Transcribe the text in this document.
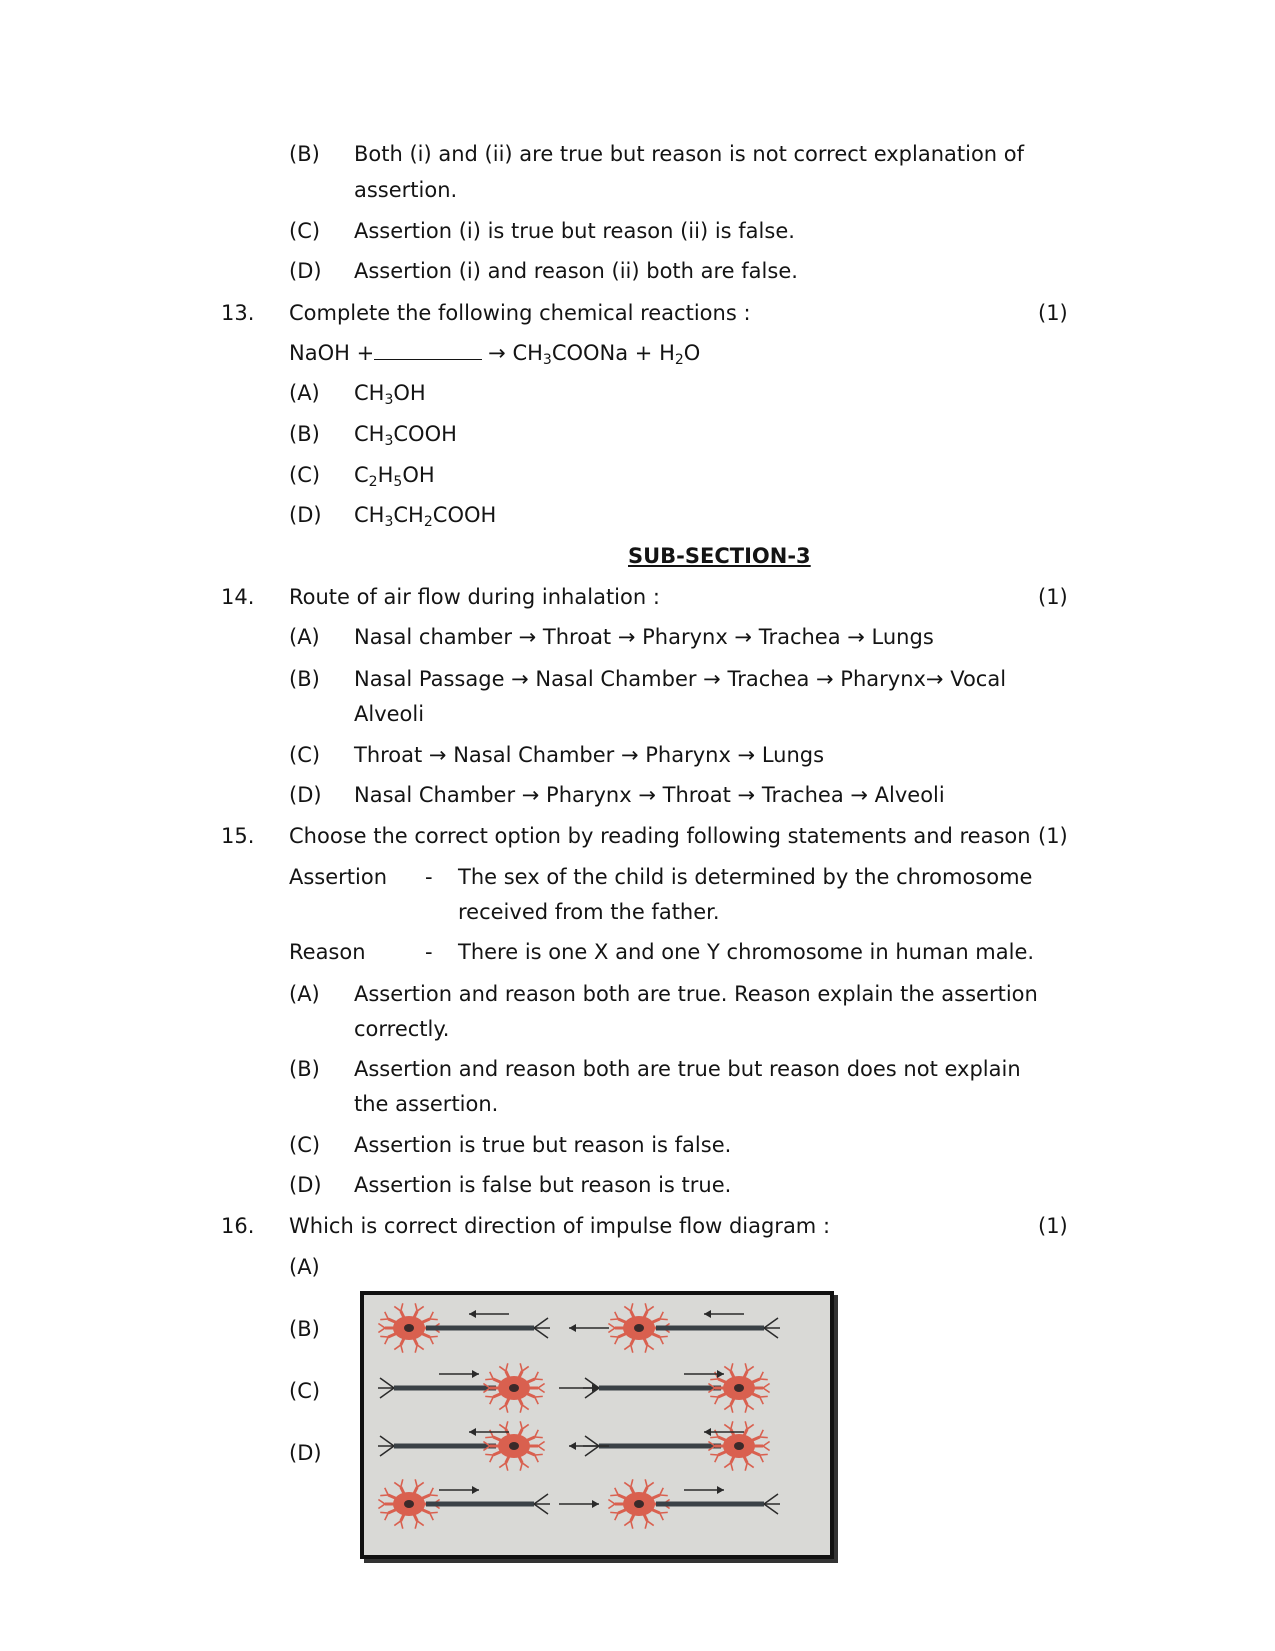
(B) Both (i) and (ii) are true but reason is not correct explanation of
assertion.
(C) Assertion (i) is true but reason (ii) is false.
(D) Assertion (i) and reason (ii) both are false.
13. Complete the following chemical reactions :	(1)
NaOH +	→ $CH_3COONa + H_2O$
(A) $CH_3OH$
(B) $CH_3COOH$
(C) $C_2H_5OH$
(D) $CH_3CH_2COOH$
SUB-SECTION-3
14. Route of air flow during inhalation :	(1)
(A) Nasal chamber → Throat → Pharynx → Trachea → Lungs
(B) Nasal Passage → Nasal Chamber → Trachea → Pharynx→ Vocal
Alveoli
(C) Throat → Nasal Chamber → Pharynx → Lungs
(D) Nasal Chamber → Pharynx → Throat → Trachea → Alveoli
15. Choose the correct option by reading following statements and reason (1)
Assertion - The sex of the child is determined by the chromosome
received from the father.
Reason	- There is one X and one Y chromosome in human male.
(A) Assertion and reason both are true. Reason explain the assertion
correctly.
(B) Assertion and reason both are true but reason does not explain
the assertion.
(C) Assertion is true but reason is false.
(D) Assertion is false but reason is true.
16. Which is correct direction of impulse flow diagram :	(1)
(A)
(B)
(C)
(D)
